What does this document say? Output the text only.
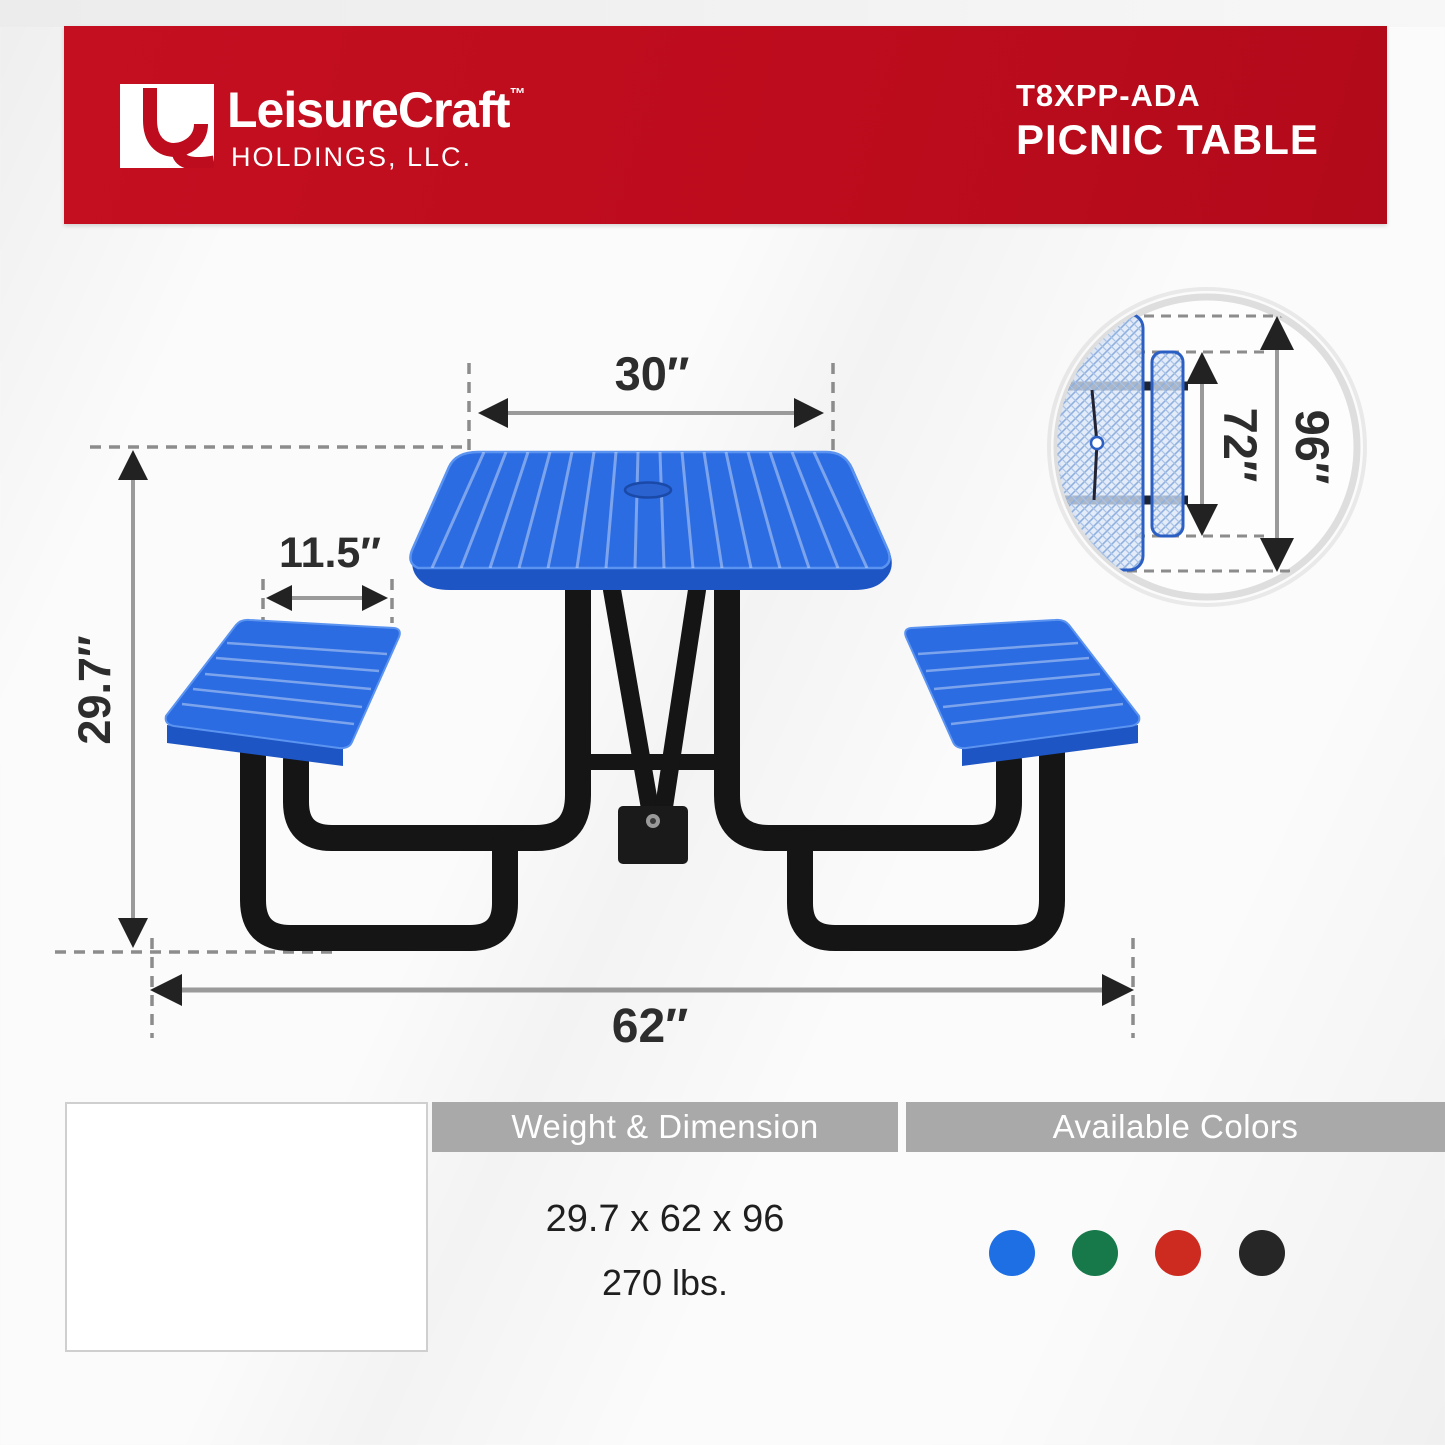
LeisureCraft™
HOLDINGS, LLC.
T8XPP-ADA
PICNIC TABLE
30″
11.5″
29.7″
62″
72″ 96″
Weight & Dimension	Available Colors
29.7 x 62 x 96
270 lbs.
